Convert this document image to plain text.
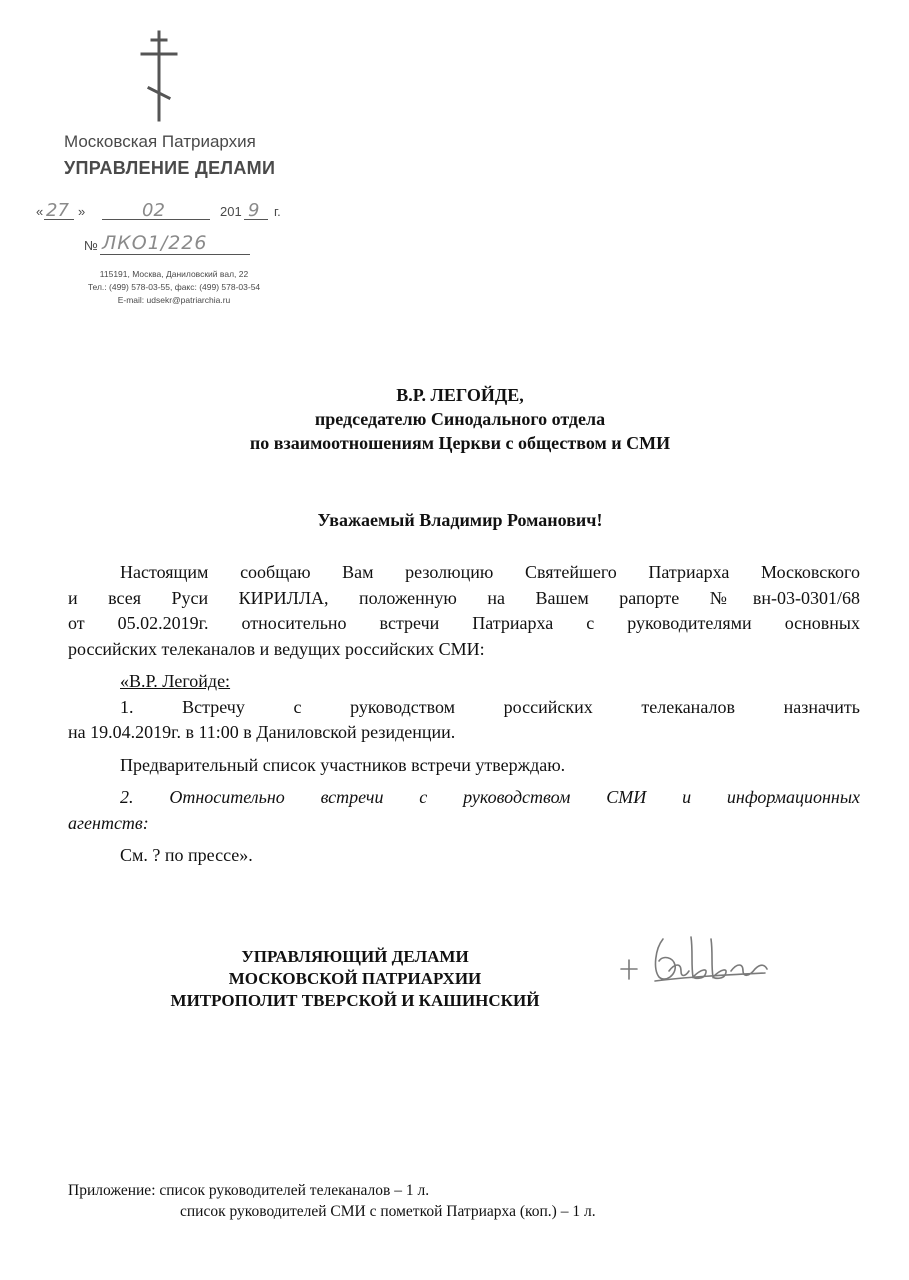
Московская Патриархия
УПРАВЛЕНИЕ ДЕЛАМИ
« 27 »	02	201 9 г.
№ ЛКО1/226
115191, Москва, Даниловский вал, 22
Тел.: (499) 578-03-55, факс: (499) 578-03-54
E-mail: udsekr@patriarchia.ru
В.Р. ЛЕГОЙДЕ,
председателю Синодального отдела
по взаимоотношениям Церкви с обществом и СМИ
Уважаемый Владимир Романович!

Настоящим сообщаю Вам резолюцию Святейшего Патриарха Московского

и всея Руси КИРИЛЛА, положенную на Вашем рапорте №вн-03-0301/68

от 05.02.2019г. относительно встречи Патриарха с руководителями основных

российских телеканалов и ведущих российских СМИ:

«В.Р. Легойде:

1. Встречу с руководством российских телеканалов назначить

на 19.04.2019г. в 11:00 в Даниловской резиденции.

Предварительный список участников встречи утверждаю.

2. Относительно встречи с руководством СМИ и информационных

агентств:

См. ? по прессе».

УПРАВЛЯЮЩИЙ ДЕЛАМИ
МОСКОВСКОЙ ПАТРИАРХИИ
МИТРОПОЛИТ ТВЕРСКОЙ И КАШИНСКИЙ
Приложение: список руководителей телеканалов – 1 л.
список руководителей СМИ с пометкой Патриарха (коп.) – 1 л.
